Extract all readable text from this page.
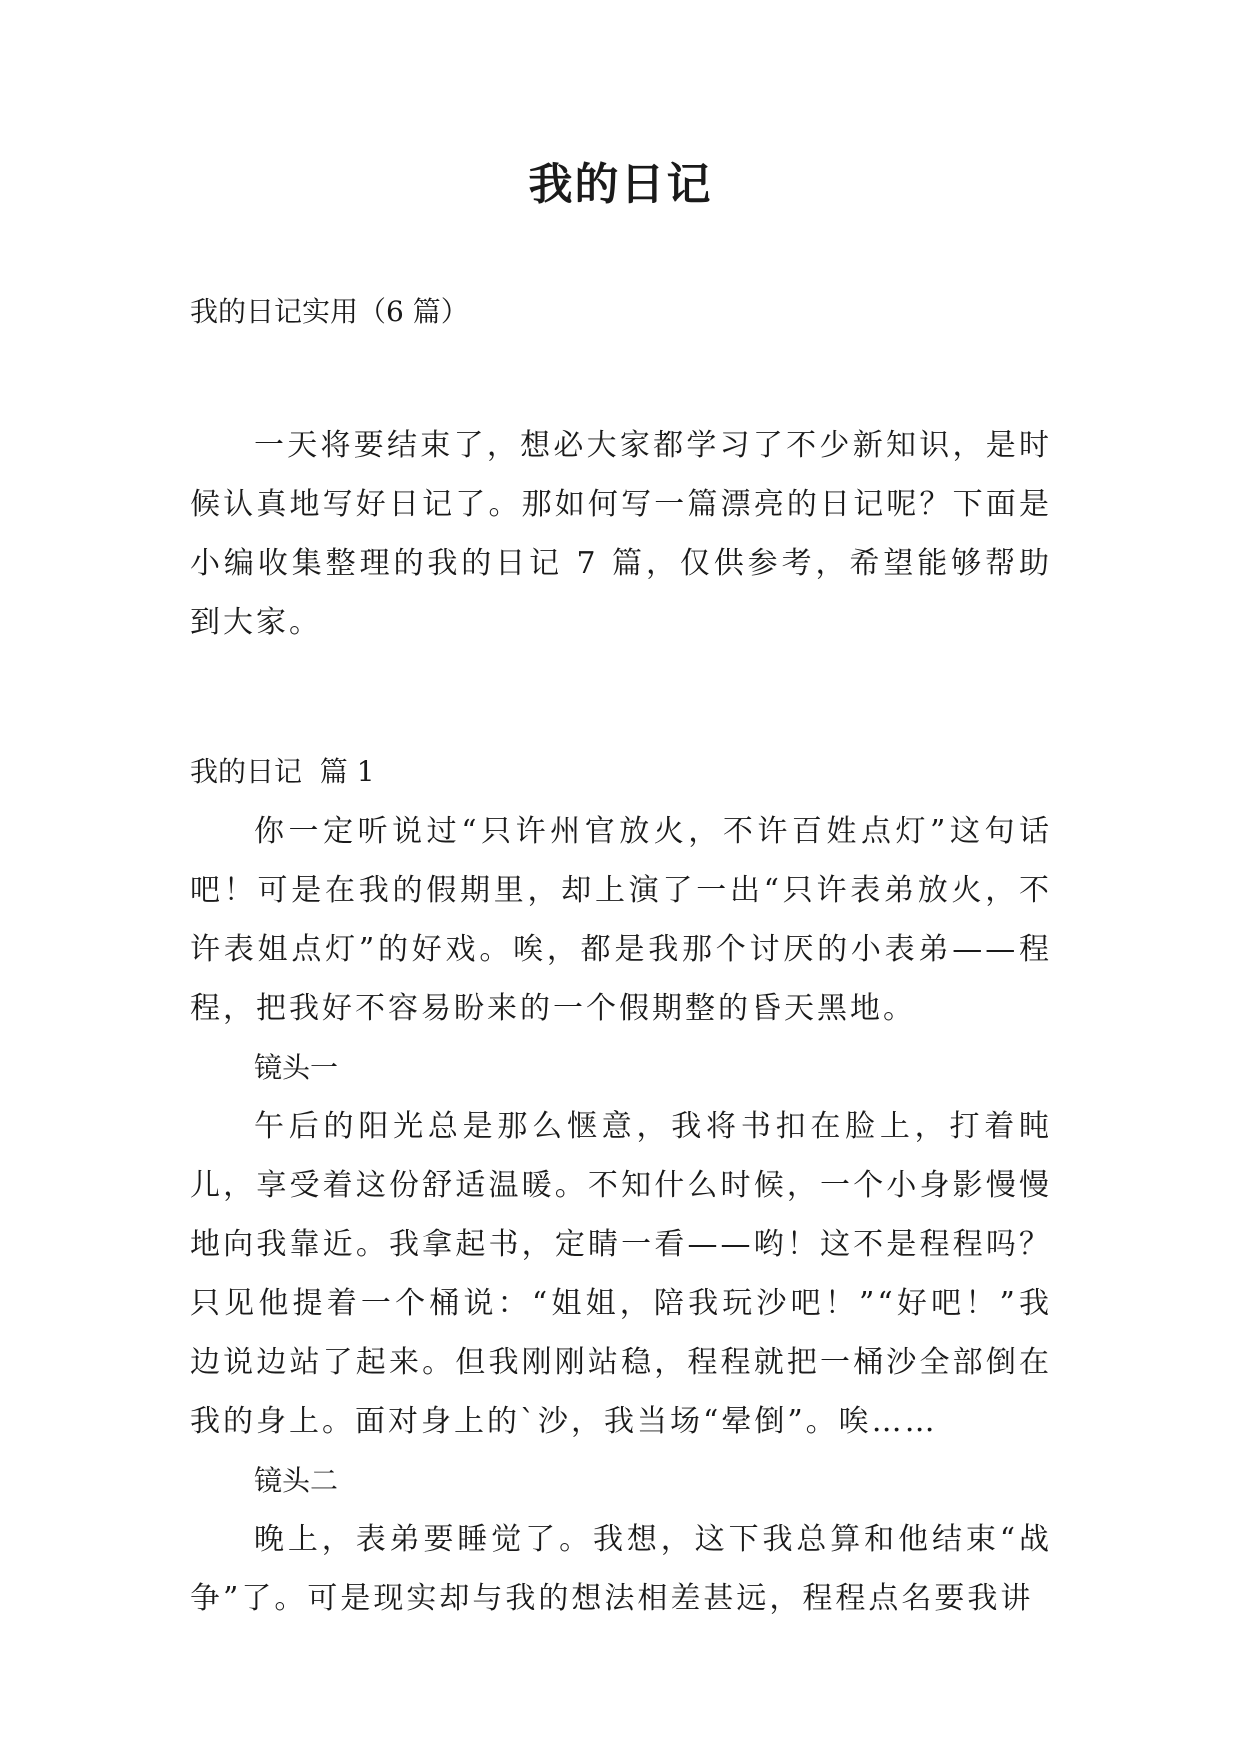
我的日记

我的日记实用（6 篇）

一天将要结束了，想必大家都学习了不少新知识，是时候认真地写好日记了。那如何写一篇漂亮的日记呢？下面是小编收集整理的我的日记 7 篇，仅供参考，希望能够帮助到大家。

我的日记  篇 1

你一定听说过“只许州官放火，不许百姓点灯”这句话吧！可是在我的假期里，却上演了一出“只许表弟放火，不许表姐点灯”的好戏。唉，都是我那个讨厌的小表弟——程程，把我好不容易盼来的一个假期整的昏天黑地。

镜头一

午后的阳光总是那么惬意，我将书扣在脸上，打着盹儿，享受着这份舒适温暖。不知什么时候，一个小身影慢慢地向我靠近。我拿起书，定睛一看——哟！这不是程程吗？只见他提着一个桶说：“姐姐，陪我玩沙吧！”“好吧！”我边说边站了起来。但我刚刚站稳，程程就把一桶沙全部倒在我的身上。面对身上的`沙，我当场“晕倒”。唉……

镜头二

晚上，表弟要睡觉了。我想，这下我总算和他结束“战争”了。可是现实却与我的想法相差甚远，程程点名要我讲
